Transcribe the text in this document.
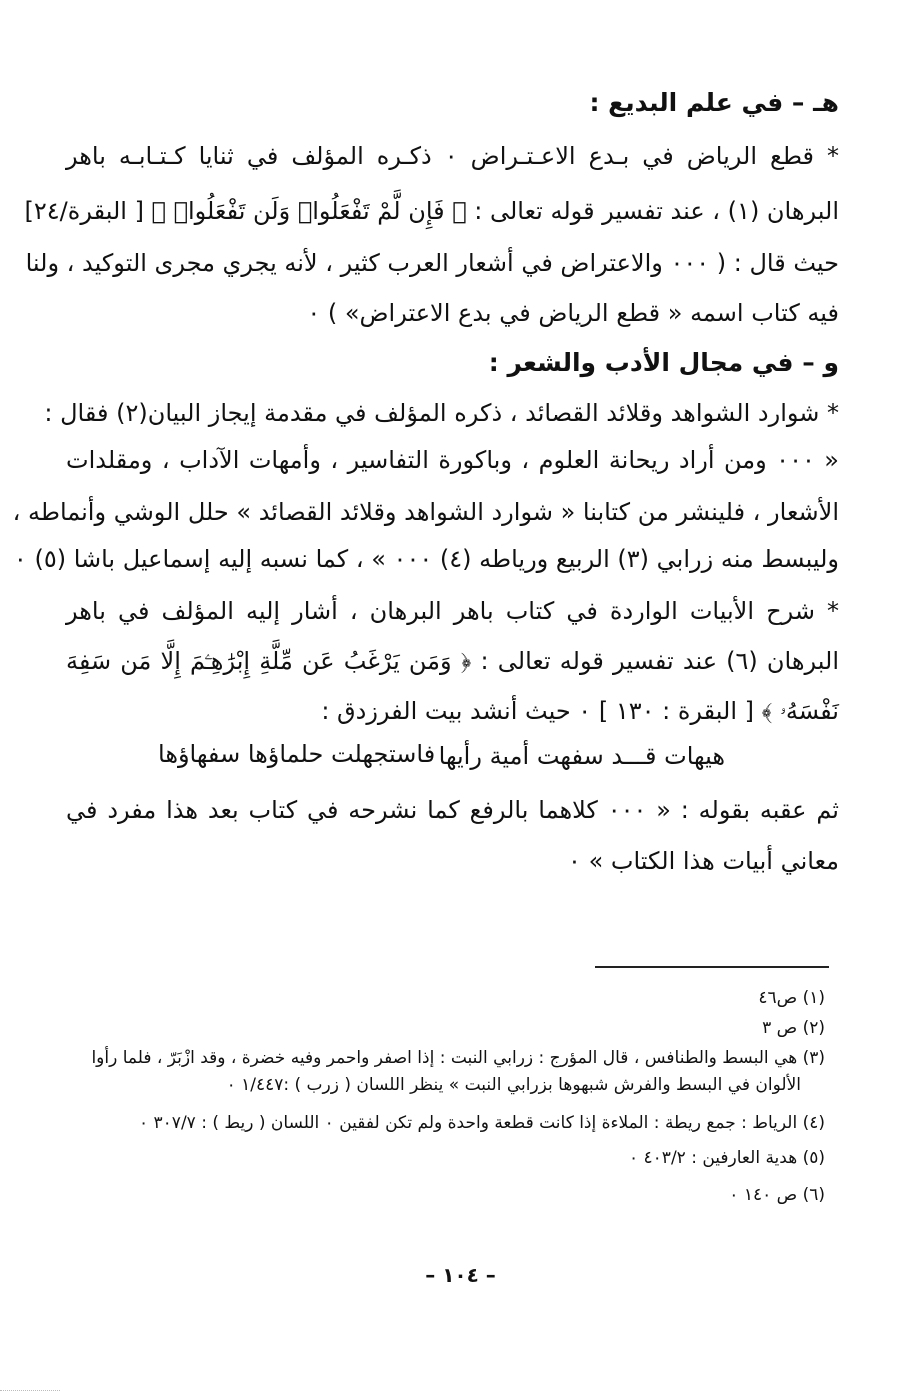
هـ – في علم البديع :
* قطع الرياض في بـدع الاعـتـراض ٠ ذكـره المؤلف في ثنايا كـتـابـه باهر
البرهان (١) ، عند تفسير قوله تعالى : ﴿ فَإِن لَّمْ تَفْعَلُوا۟ وَلَن تَفْعَلُوا۟ ﴾ [ البقرة/٢٤]
حيث قال : ( ٠٠٠ والاعتراض في أشعار العرب كثير ، لأنه يجري مجرى التوكيد ، ولنا
فيه كتاب اسمه « قطع الرياض في بدع الاعتراض» ) ٠
و – في مجال الأدب والشعر :
* شوارد الشواهد وقلائد القصائد ، ذكره المؤلف في مقدمة إيجاز البيان(٢) فقال :
« ٠٠٠ ومن أراد ريحانة العلوم ، وباكورة التفاسير ، وأمهات الآداب ، ومقلدات
الأشعار ، فلينشر من كتابنا « شوارد الشواهد وقلائد القصائد » حلل الوشي وأنماطه ،
وليبسط منه زرابي (٣) الربيع ورياطه (٤) ٠٠٠ » ، كما نسبه إليه إسماعيل باشا (٥) ٠
* شرح الأبيات الواردة في كتاب باهر البرهان ، أشار إليه المؤلف في باهر
البرهان (٦) عند تفسير قوله تعالى : ﴿ وَمَن يَرْغَبُ عَن مِّلَّةِ إِبْرَٰهِـۧمَ إِلَّا مَن سَفِهَ
نَفْسَهُۥ ﴾ [ البقرة : ١٣٠ ] ٠ حيث أنشد بيت الفرزدق :
هيهات قـــد سفهت أمية رأيها
فاستجهلت حلماؤها سفهاؤها
ثم عقبه بقوله : « ٠٠٠ كلاهما بالرفع كما نشرحه في كتاب بعد هذا مفرد في
معاني أبيات هذا الكتاب » ٠
(١) ص٤٦
(٢) ص ٣
(٣) هي البسط والطنافس ، قال المؤرج : زرابي النبت : إذا اصفر واحمر وفيه خضرة ، وقد ازْبَرّ ، فلما رأوا
الألوان في البسط والفرش شبهوها بزرابي النبت » ينظر اللسان ( زرب ) :١/٤٤٧ ٠
(٤) الرياط : جمع ريطة : الملاءة إذا كانت قطعة واحدة ولم تكن لفقين ٠ اللسان ( ريط ) : ٣٠٧/٧ ٠
(٥) هدية العارفين : ٤٠٣/٢ ٠
(٦) ص ١٤٠ ٠
– ١٠٤ –
